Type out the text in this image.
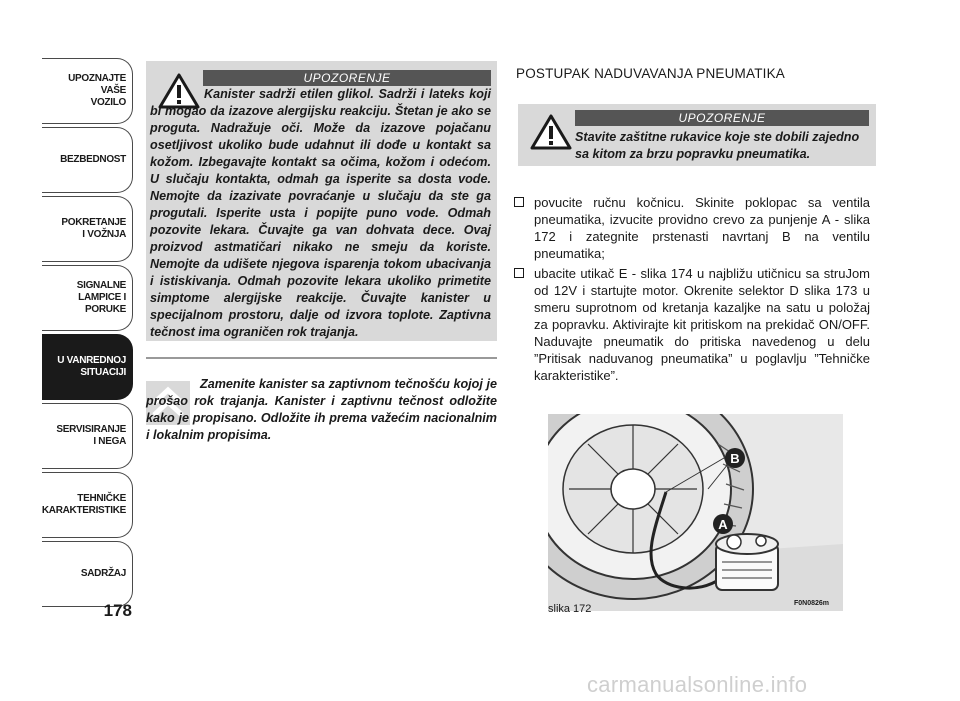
UPOZNAJTE
VAŠE
VOZILO
BEZBEDNOST
POKRETANJE
I VOŽNJA
SIGNALNE
LAMPICE I PORUKE
U VANREDNOJ
SITUACIJI
SERVISIRANJE
I NEGA
TEHNIČKE
KARAKTERISTIKE
SADRŽAJ
178
UPOZORENJE
Kanister sadrži etilen glikol. Sadrži i lateks koji bi mogao da izazove alergijsku reakciju. Štetan je ako se proguta. Nadražuje oči. Može da izazove pojačanu osetljivost ukoliko bude udahnut ili dođe u kontakt sa kožom. Izbegavajte kontakt sa očima, kožom i odećom. U slučaju kontakta, odmah ga isperite sa dosta vode. Nemojte da izazivate povraćanje u slučaju da ste ga progutali. Isperite usta i popijte puno vode. Odmah pozovite lekara. Čuvajte ga van dohvata dece. Ovaj proizvod astmatičari nikako ne smeju da koriste. Nemojte da udišete njegova isparenja tokom ubacivanja i istiskivanja. Odmah pozovite lekara ukoliko primetite simptome alergijske reakcije. Čuvajte kanister u specijalnom prostoru, dalje od izvora toplote. Zaptivna tečnost ima ograničen rok trajanja.
Zamenite kanister sa zaptivnom tečnošću kojoj je prošao rok trajanja. Kanister i zaptivnu tečnost odložite kako je propisano. Odložite ih prema važećim nacionalnim i lokalnim propisima.
POSTUPAK NADUVAVANJA PNEUMATIKA
UPOZORENJE
Stavite zaštitne rukavice koje ste dobili zajedno sa kitom za brzu popravku pneumatika.
povucite ručnu kočnicu. Skinite poklopac sa ventila pneumatika, izvucite providno crevo za punjenje A - slika 172 i zategnite prstenasti navrtanj B na ventilu pneumatika;
ubacite utikač E - slika 174 u najbližu utičnicu sa struJom od 12V i startujte motor. Okrenite selektor D slika 173 u smeru suprotnom od kretanja kazaljke na satu u položaj za popravku. Aktivirajte kit pritiskom na prekidač ON/OFF. Naduvajte pneumatik do pritiska navedenog u delu ”Pritisak naduvanog pneumatika” u poglavlju ”Tehničke karakteristike”.
B
A
F0N0826m
slika 172
carmanualsonline.info
